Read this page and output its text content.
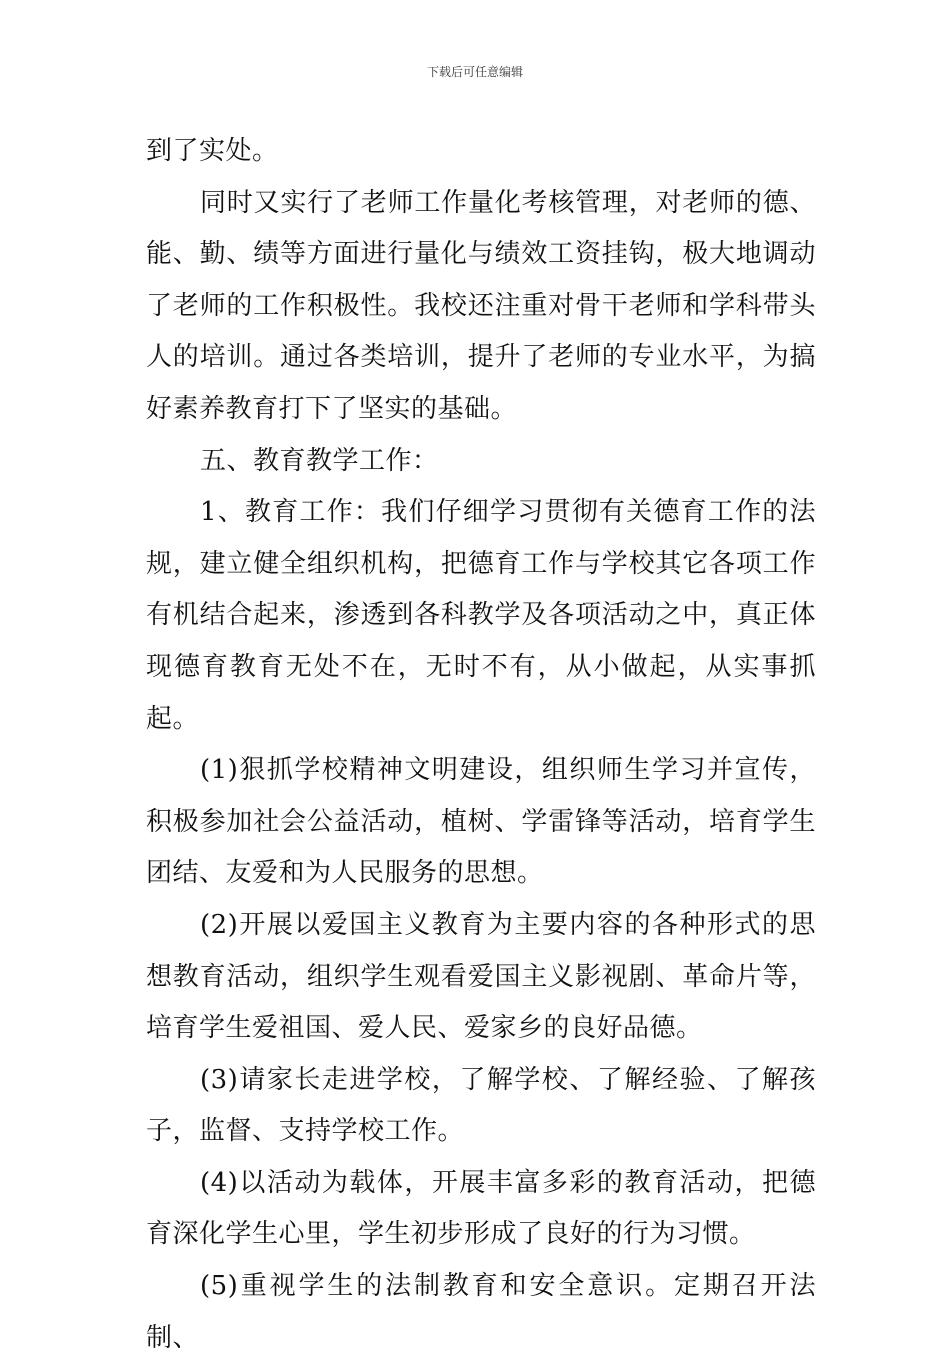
下载后可任意编辑

到了实处。

同时又实行了老师工作量化考核管理，对老师的德、能、勤、绩等方面进行量化与绩效工资挂钩，极大地调动了老师的工作积极性。我校还注重对骨干老师和学科带头人的培训。通过各类培训，提升了老师的专业水平，为搞好素养教育打下了坚实的基础。

五、教育教学工作：

1、教育工作：我们仔细学习贯彻有关德育工作的法规，建立健全组织机构，把德育工作与学校其它各项工作有机结合起来，渗透到各科教学及各项活动之中，真正体现德育教育无处不在，无时不有，从小做起，从实事抓起。

(1)狠抓学校精神文明建设，组织师生学习并宣传，积极参加社会公益活动，植树、学雷锋等活动，培育学生团结、友爱和为人民服务的思想。

(2)开展以爱国主义教育为主要内容的各种形式的思想教育活动，组织学生观看爱国主义影视剧、革命片等，培育学生爱祖国、爱人民、爱家乡的良好品德。

(3)请家长走进学校，了解学校、了解经验、了解孩子，监督、支持学校工作。

(4)以活动为载体，开展丰富多彩的教育活动，把德育深化学生心里，学生初步形成了良好的行为习惯。

(5)重视学生的法制教育和安全意识。定期召开法制、
